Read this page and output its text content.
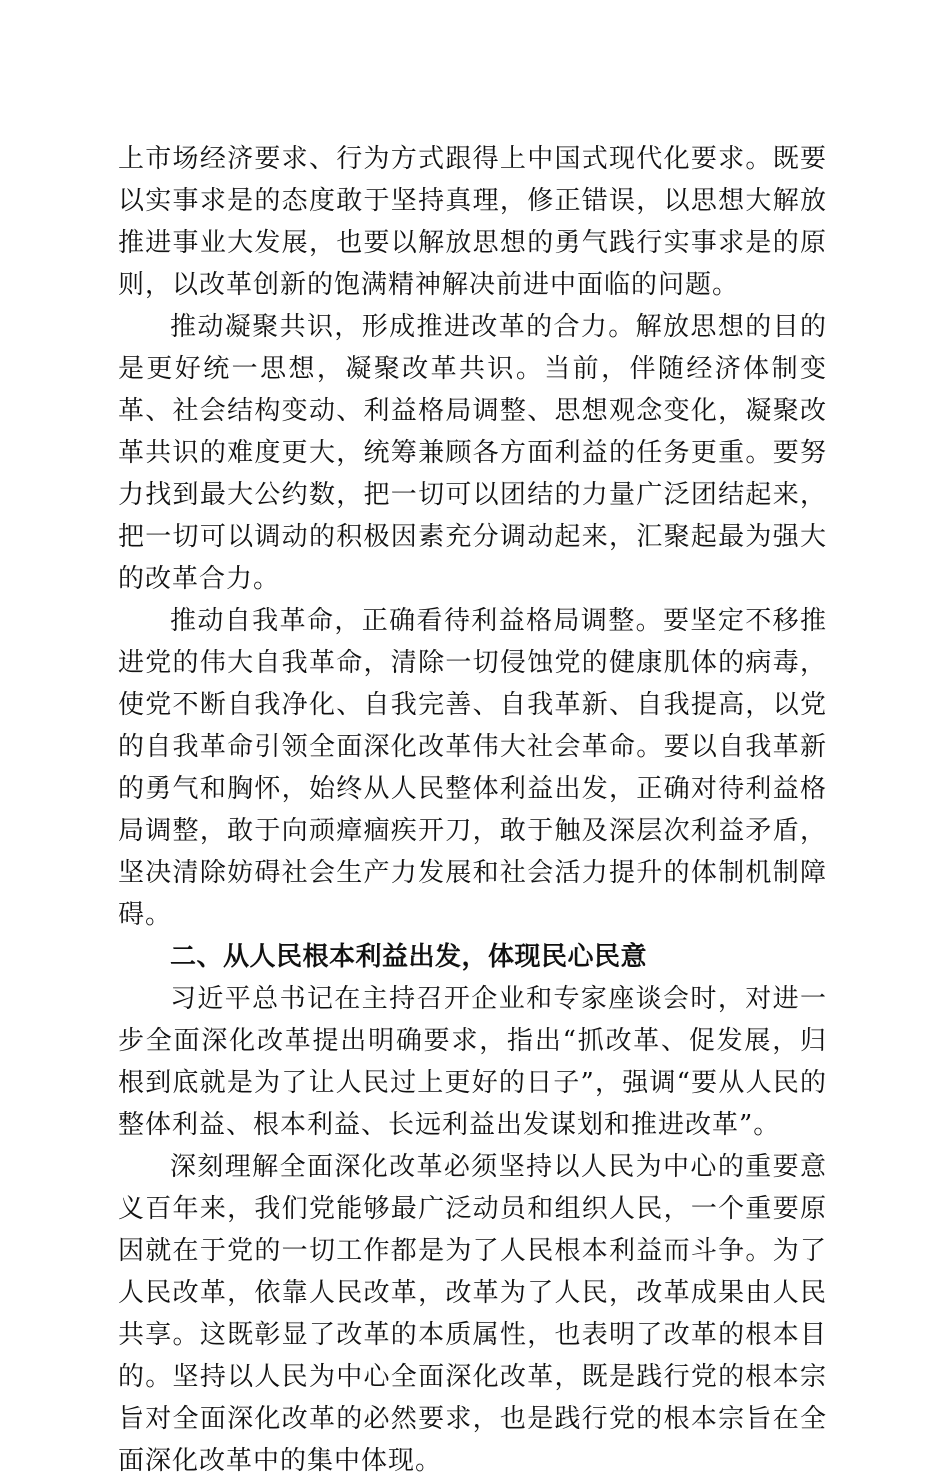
上市场经济要求、行为方式跟得上中国式现代化要求。既要以实事求是的态度敢于坚持真理，修正错误，以思想大解放推进事业大发展，也要以解放思想的勇气践行实事求是的原则，以改革创新的饱满精神解决前进中面临的问题。

推动凝聚共识，形成推进改革的合力。解放思想的目的是更好统一思想，凝聚改革共识。当前，伴随经济体制变革、社会结构变动、利益格局调整、思想观念变化，凝聚改革共识的难度更大，统筹兼顾各方面利益的任务更重。要努力找到最大公约数，把一切可以团结的力量广泛团结起来，把一切可以调动的积极因素充分调动起来，汇聚起最为强大的改革合力。

推动自我革命，正确看待利益格局调整。要坚定不移推进党的伟大自我革命，清除一切侵蚀党的健康肌体的病毒，使党不断自我净化、自我完善、自我革新、自我提高，以党的自我革命引领全面深化改革伟大社会革命。要以自我革新的勇气和胸怀，始终从人民整体利益出发，正确对待利益格局调整，敢于向顽瘴痼疾开刀，敢于触及深层次利益矛盾，坚决清除妨碍社会生产力发展和社会活力提升的体制机制障碍。

二、从人民根本利益出发，体现民心民意

习近平总书记在主持召开企业和专家座谈会时，对进一步全面深化改革提出明确要求，指出“抓改革、促发展，归根到底就是为了让人民过上更好的日子”，强调“要从人民的整体利益、根本利益、长远利益出发谋划和推进改革”。

深刻理解全面深化改革必须坚持以人民为中心的重要意义百年来，我们党能够最广泛动员和组织人民，一个重要原因就在于党的一切工作都是为了人民根本利益而斗争。为了人民改革，依靠人民改革，改革为了人民，改革成果由人民共享。这既彰显了改革的本质属性，也表明了改革的根本目的。坚持以人民为中心全面深化改革，既是践行党的根本宗旨对全面深化改革的必然要求，也是践行党的根本宗旨在全面深化改革中的集中体现。
